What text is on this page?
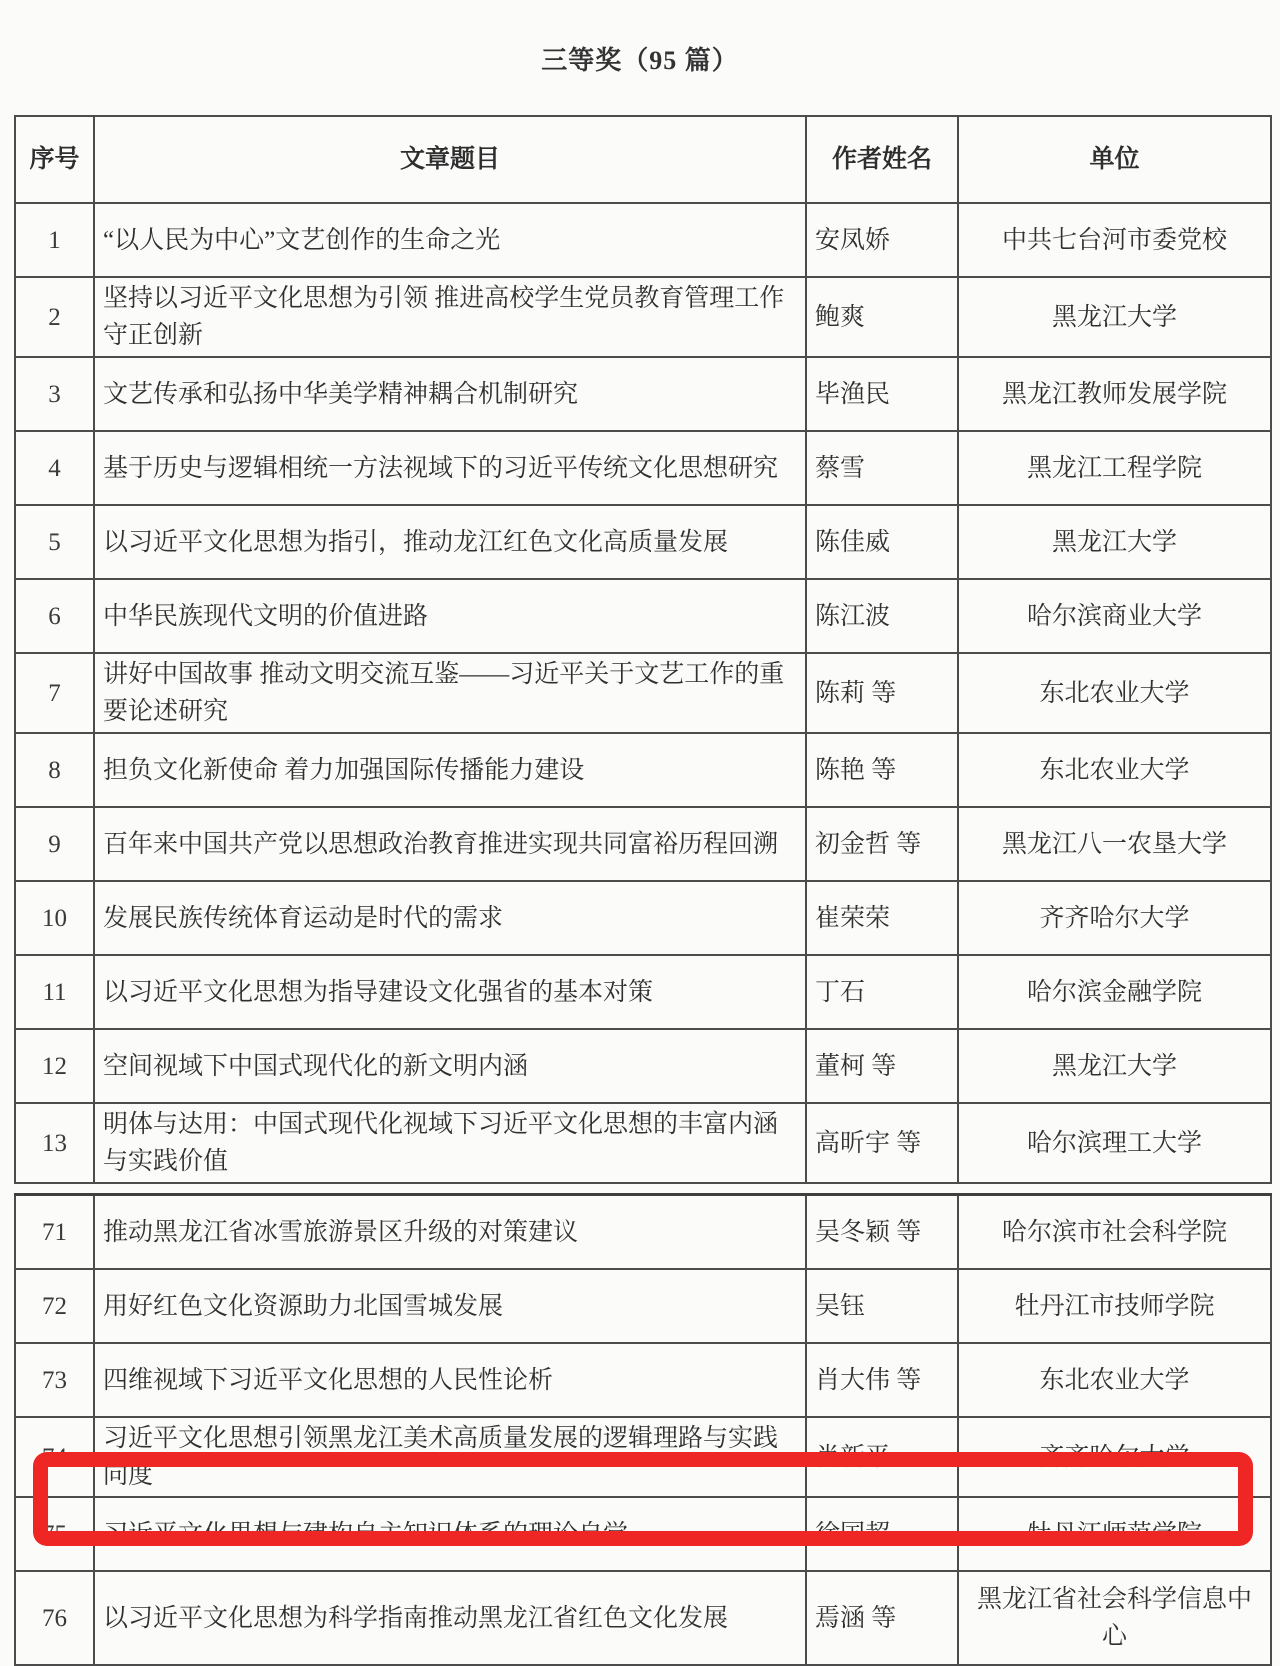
三等奖（95 篇）
序号	文章题目	作者姓名	单位
1	“以人民为中心”文艺创作的生命之光	安凤娇	中共七台河市委党校
2	坚持以习近平文化思想为引领 推进高校学生党员教育管理工作守正创新	鲍爽	黑龙江大学
3	文艺传承和弘扬中华美学精神耦合机制研究	毕渔民	黑龙江教师发展学院
4	基于历史与逻辑相统一方法视域下的习近平传统文化思想研究	蔡雪	黑龙江工程学院
5	以习近平文化思想为指引，推动龙江红色文化高质量发展	陈佳威	黑龙江大学
6	中华民族现代文明的价值进路	陈江波	哈尔滨商业大学
7	讲好中国故事 推动文明交流互鉴——习近平关于文艺工作的重要论述研究	陈莉 等	东北农业大学
8	担负文化新使命 着力加强国际传播能力建设	陈艳 等	东北农业大学
9	百年来中国共产党以思想政治教育推进实现共同富裕历程回溯	初金哲 等	黑龙江八一农垦大学
10	发展民族传统体育运动是时代的需求	崔荣荣	齐齐哈尔大学
11	以习近平文化思想为指导建设文化强省的基本对策	丁石	哈尔滨金融学院
12	空间视域下中国式现代化的新文明内涵	董柯 等	黑龙江大学
13	明体与达用：中国式现代化视域下习近平文化思想的丰富内涵与实践价值	高昕宇 等	哈尔滨理工大学
71	推动黑龙江省冰雪旅游景区升级的对策建议	吴冬颖 等	哈尔滨市社会科学院
72	用好红色文化资源助力北国雪城发展	吴钰	牡丹江市技师学院
73	四维视域下习近平文化思想的人民性论析	肖大伟 等	东北农业大学
74	习近平文化思想引领黑龙江美术高质量发展的逻辑理路与实践向度	肖新平	齐齐哈尔大学
75	习近平文化思想与建构自主知识体系的理论自觉	徐国超	牡丹江师范学院
76	以习近平文化思想为科学指南推动黑龙江省红色文化发展	焉涵 等	黑龙江省社会科学信息中心
